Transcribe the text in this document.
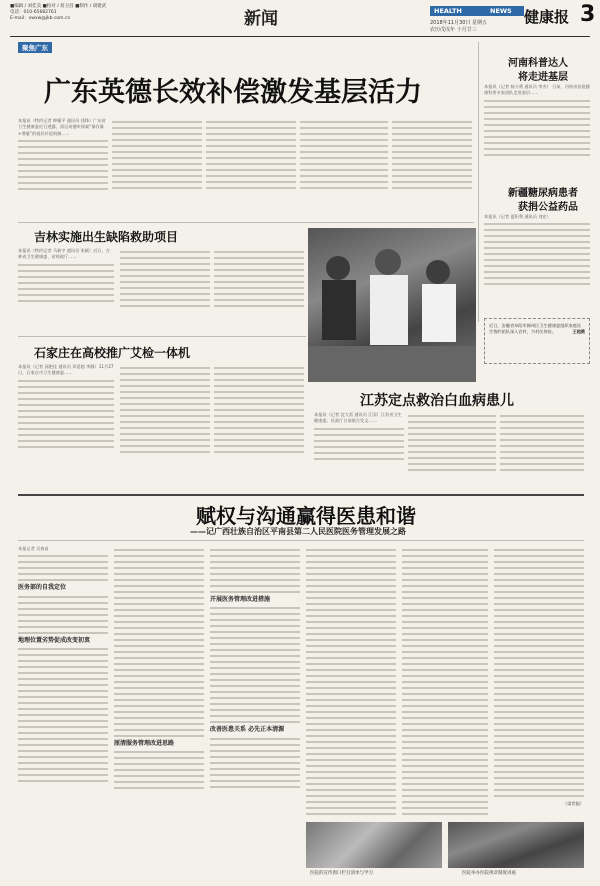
■编辑 / 刘佳美 ■校对 / 蒋卫昌 ■制作 / 胡建武
电话：010-65682761
E-mail：xwxw@jkb.com.cn	新闻	HEALTH	NEWS
2018年11月30日 星期五
农历戊戌年 十月廿三
健康报 3
聚焦广东
广东英德长效补偿激发基层活力
本报讯（特约记者 钟耀平 通讯员 钱锋）广东省卫生健康委近日透露，清远英德市探索“保存量+增量”的基层补偿机制……
河南科普达人
将走进基层
本报讯（记者 杨力勇 通讯员 李杰） 日前，河南省首批健康科普专家团队走进基层……
新疆糖尿病患者
获捐公益药品
本报讯（记者 夏积利 通讯员 刘宏）
近日，安徽省阜阳市颍州区卫生健康委组织家庭医生签约团队深入农村，为村民体检。	王超摄
吉林实施出生缺陷救助项目
本报讯（特约记者 马新宇 通讯员 张颖）近日，吉林省卫生健康委、省财政厅……
石家庄在高校推广艾检一体机
本报讯（记者 邱艳佳 通讯员 邓延超 李静）11月27日，石家庄市卫生健康委……
江苏定点救治白血病患儿
本报讯（记者 沈大雷 通讯员 江国）江苏省卫生健康委、民政厅日前联合发文……
赋权与沟通赢得医患和谐
——记广西壮族自治区平南县第二人民医院医务管理发展之路
本报记者 吴春苗
医务部的自我定位
地理位置劣势促成改变初衷
厘清服务管理改进思路
开展医务管理改进措施
改善医患关系 必先正本清源
（梁世振）
医院的宣传窗口栏目清单与学习	医院举办医院规章制度讲座
